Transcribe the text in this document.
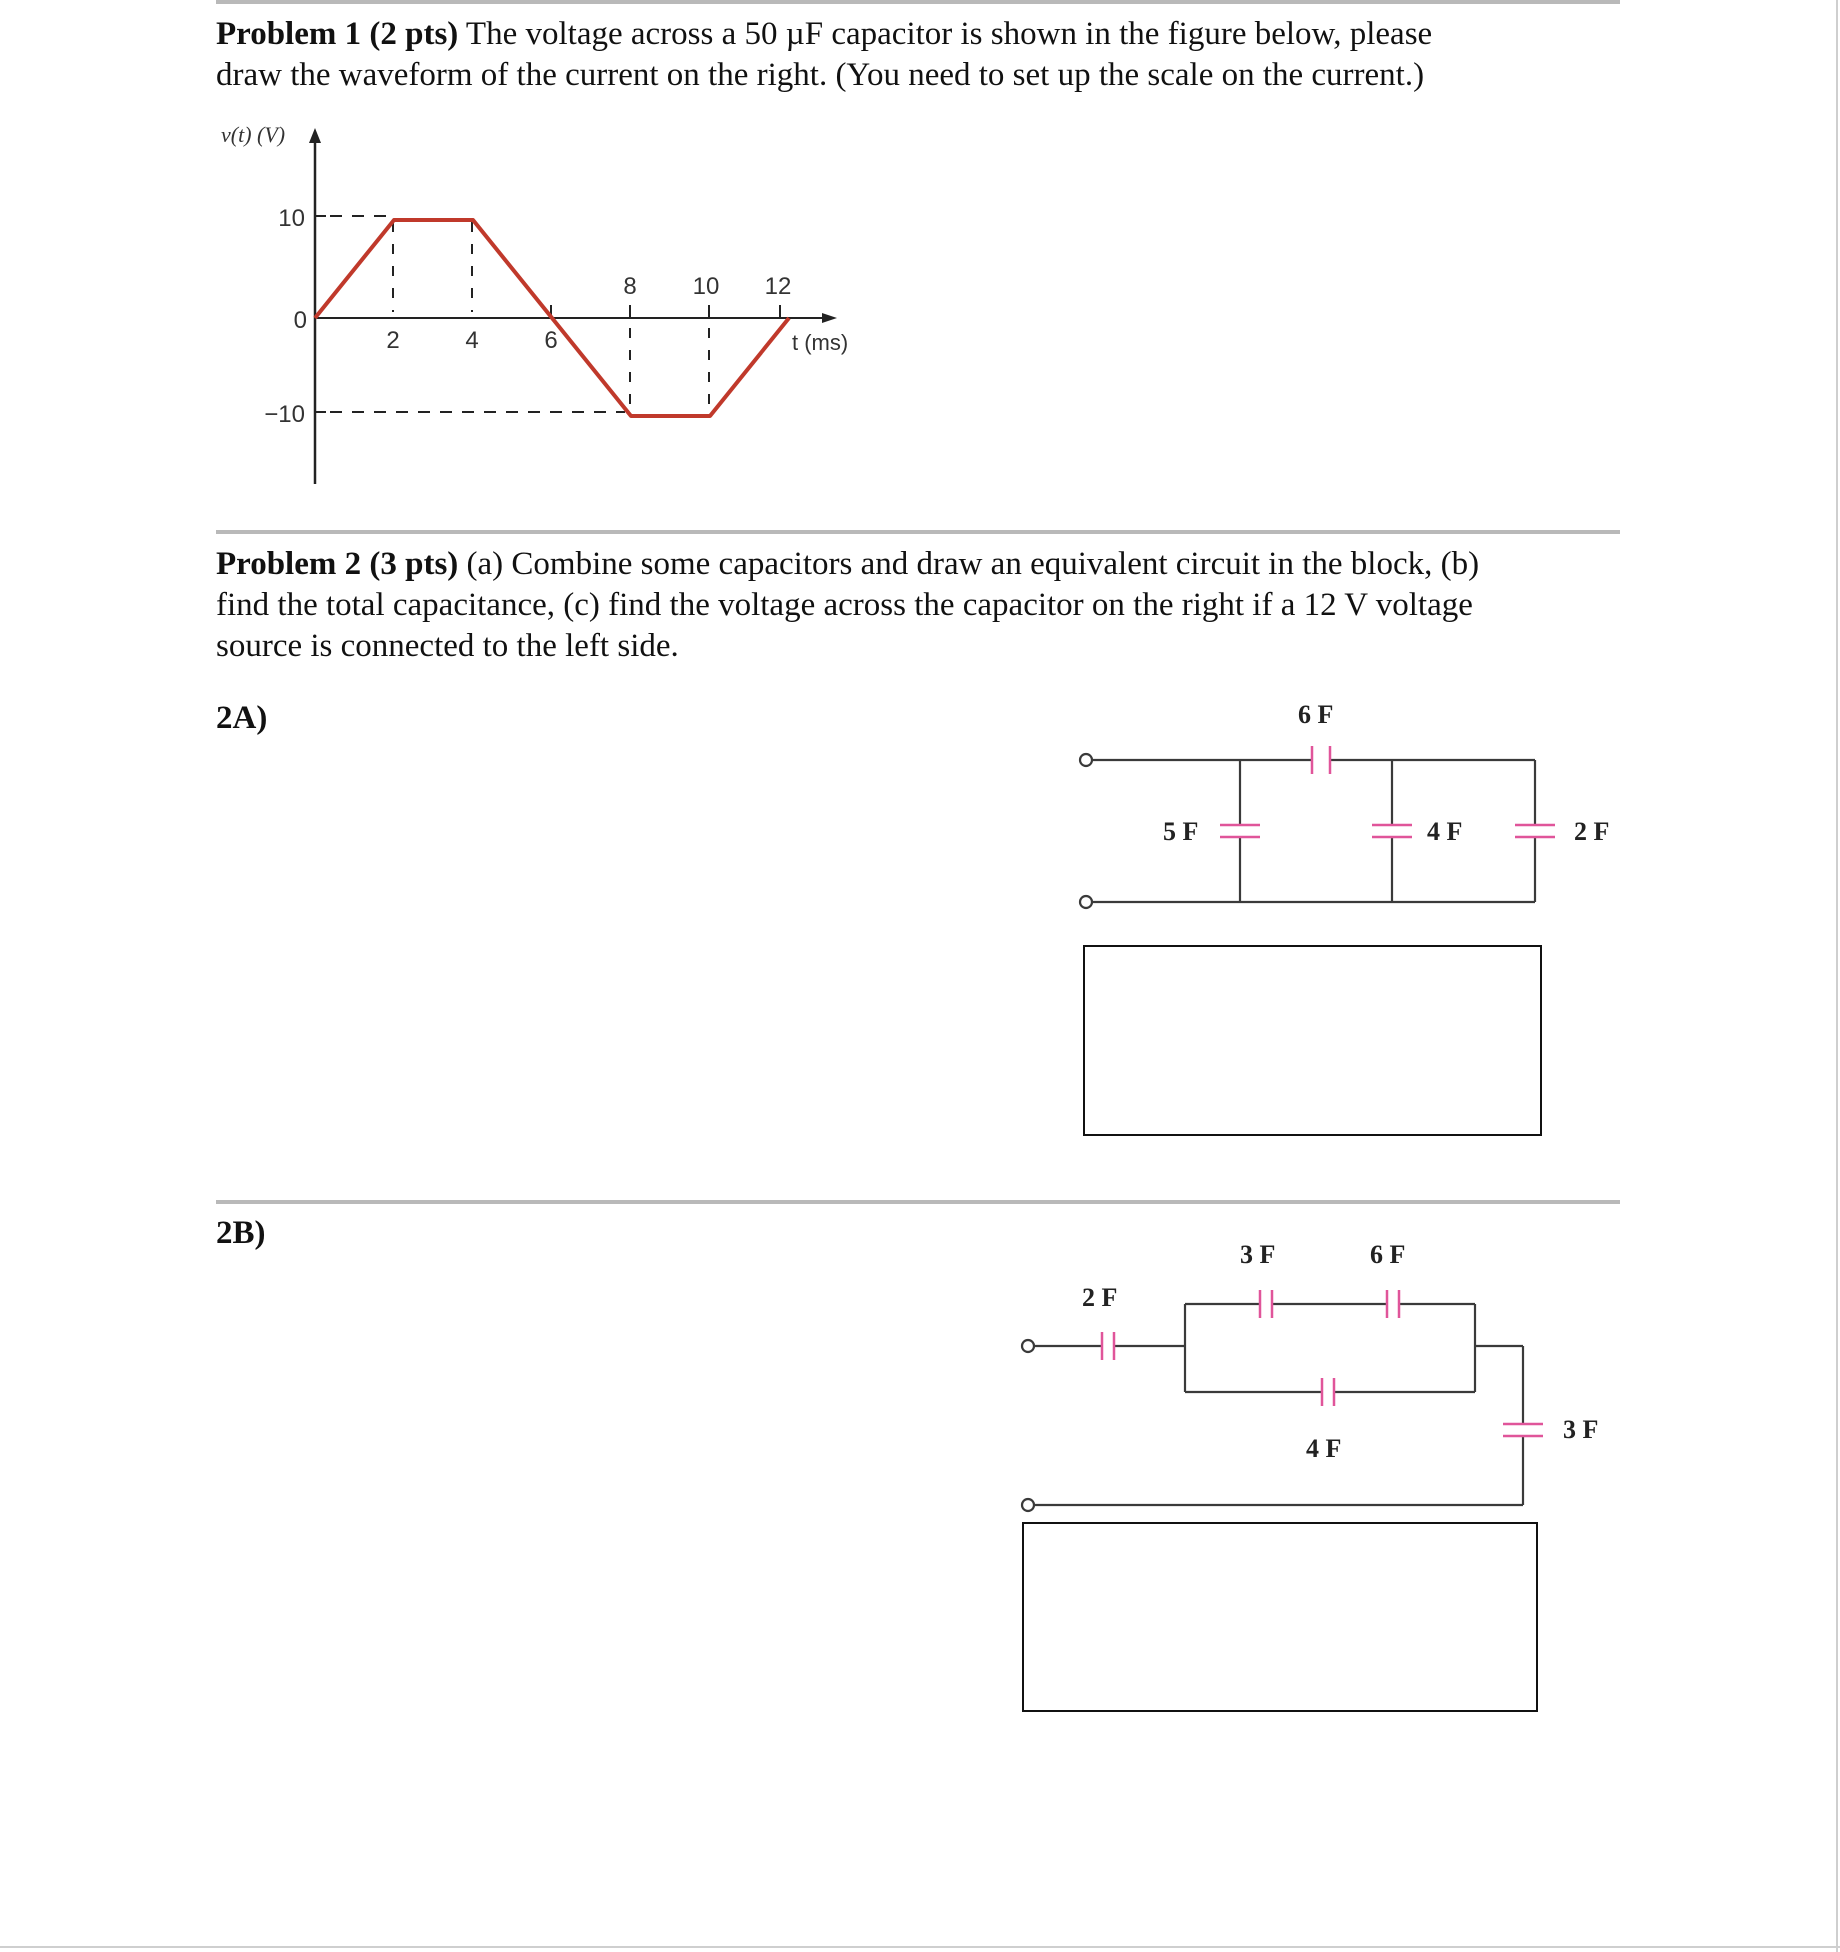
Problem 1 (2 pts) The voltage across a 50 µF capacitor is shown in the figure below, please
draw the waveform of the current on the right. (You need to set up the scale on the current.)

v(t) (V)
t (ms)
10
0
−10
2	4	6
8 10 12

Problem 2 (3 pts) (a) Combine some capacitors and draw an equivalent circuit in the block, (b)
find the total capacitance, (c) find the voltage across the capacitor on the right if a 12 V voltage
source is connected to the left side.

2A)	6 F
5 F	4 F	2 F
2B)
2 F
3 F	6 F
4 F
3 F
